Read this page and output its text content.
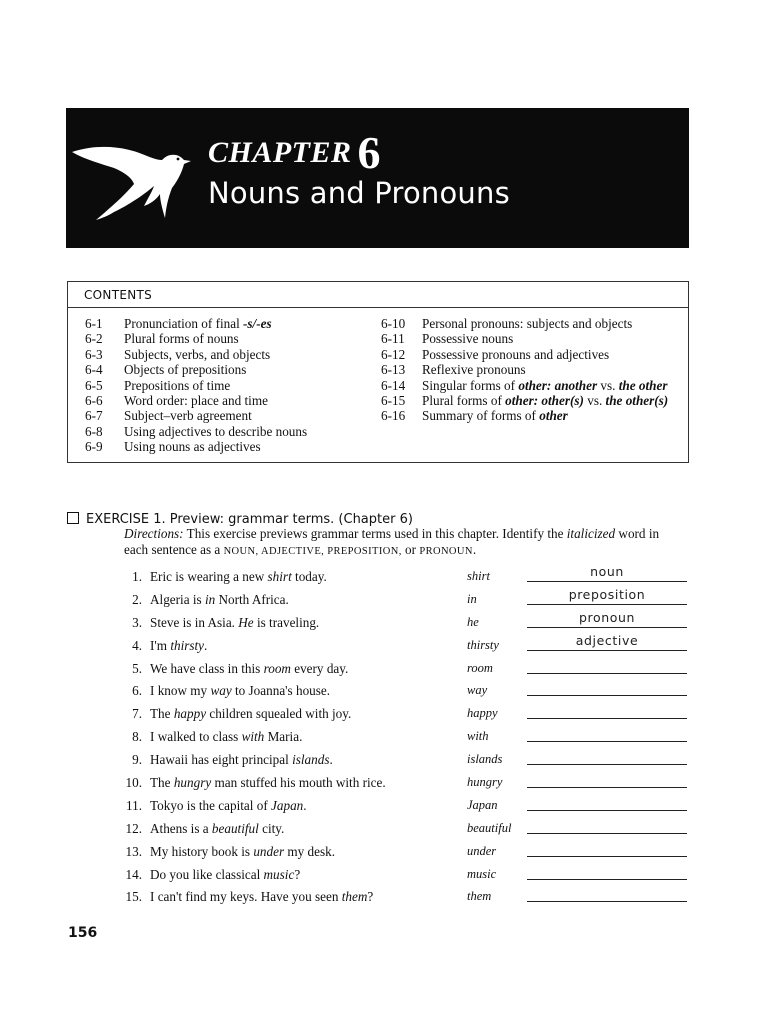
CHAPTER 6
Nouns and Pronouns
CONTENTS
6-1	Pronunciation of final -s/-es
6-2	Plural forms of nouns
6-3	Subjects, verbs, and objects
6-4	Objects of prepositions
6-5	Prepositions of time
6-6	Word order: place and time
6-7	Subject–verb agreement
6-8	Using adjectives to describe nouns
6-9	Using nouns as adjectives
6-10	Personal pronouns: subjects and objects
6-11	Possessive nouns
6-12	Possessive pronouns and adjectives
6-13	Reflexive pronouns
6-14	Singular forms of other: another vs. the other
6-15	Plural forms of other: other(s) vs. the other(s)
6-16	Summary of forms of other
EXERCISE 1. Preview: grammar terms. (Chapter 6)
Directions: This exercise previews grammar terms used in this chapter. Identify the italicized word in each sentence as a NOUN, ADJECTIVE, PREPOSITION, or PRONOUN.
1. Eric is wearing a new shirt today.	shirt	noun
2. Algeria is in North Africa.	in	preposition
3. Steve is in Asia. He is traveling.	he	pronoun
4. I'm thirsty.	thirsty	adjective
5. We have class in this room every day.	room
6. I know my way to Joanna's house.	way
7. The happy children squealed with joy.	happy
8. I walked to class with Maria.	with
9. Hawaii has eight principal islands.	islands
10. The hungry man stuffed his mouth with rice.	hungry
11. Tokyo is the capital of Japan.	Japan
12. Athens is a beautiful city.	beautiful
13. My history book is under my desk.	under
14. Do you like classical music?	music
15. I can't find my keys. Have you seen them?	them
156
